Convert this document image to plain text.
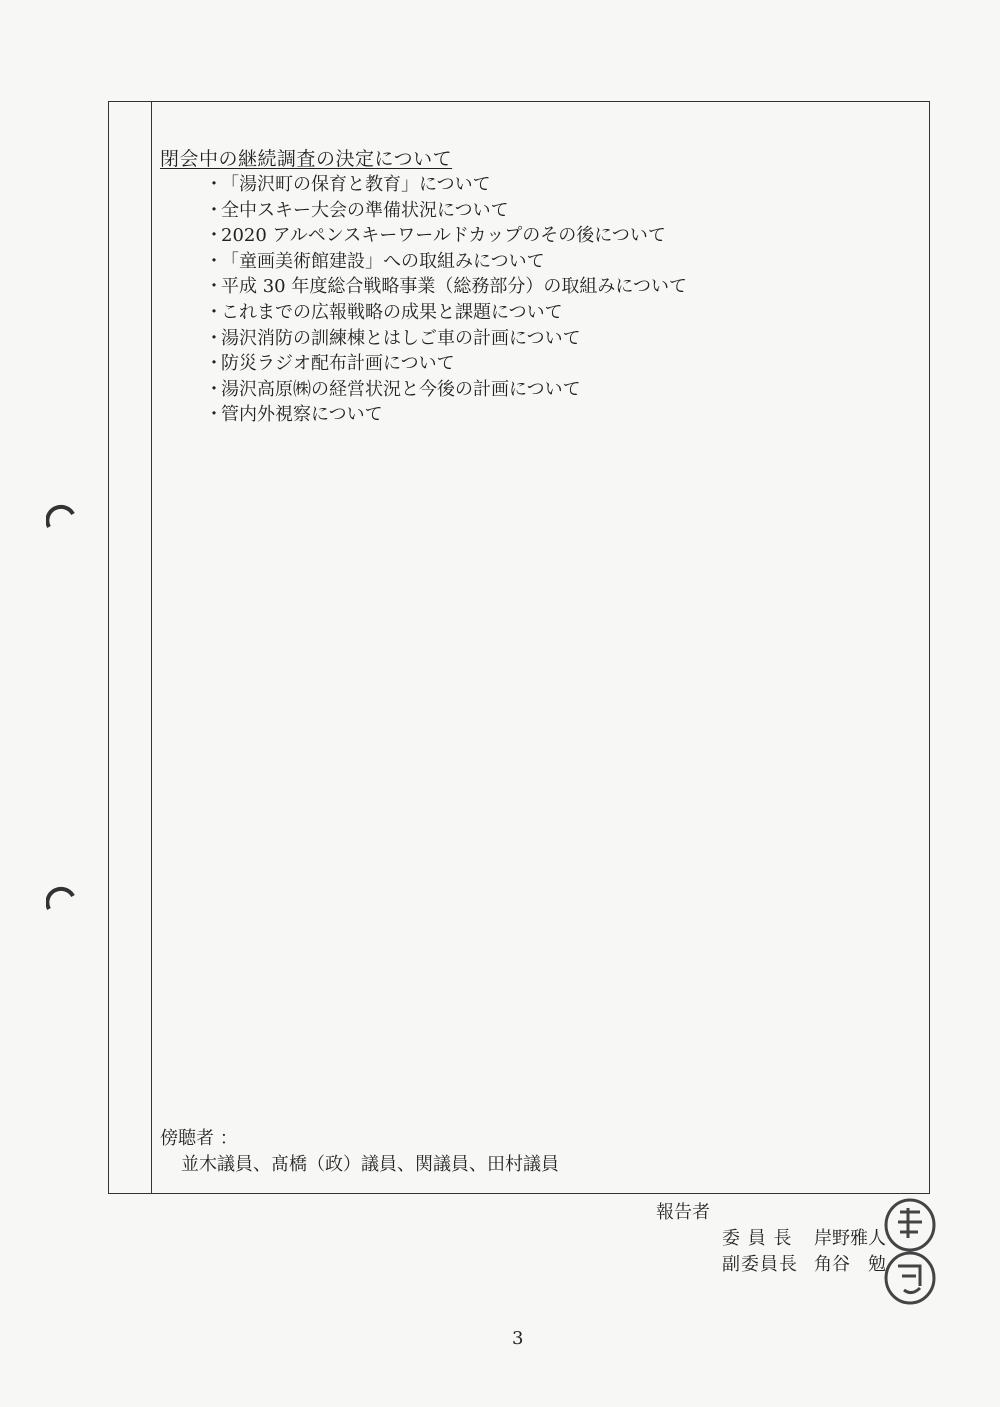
閉会中の継続調査の決定について
・「湯沢町の保育と教育」について
・全中スキー大会の準備状況について
・2020 アルペンスキーワールドカップのその後について
・「童画美術館建設」への取組みについて
・平成 30 年度総合戦略事業（総務部分）の取組みについて
・これまでの広報戦略の成果と課題について
・湯沢消防の訓練棟とはしご車の計画について
・防災ラジオ配布計画について
・湯沢高原㈱の経営状況と今後の計画について
・管内外視察について
傍聴者 ：
並木議員、髙橋（政）議員、関議員、田村議員
報告者
委 員 長 岸野雅人
副委員長 角谷　勉
3
